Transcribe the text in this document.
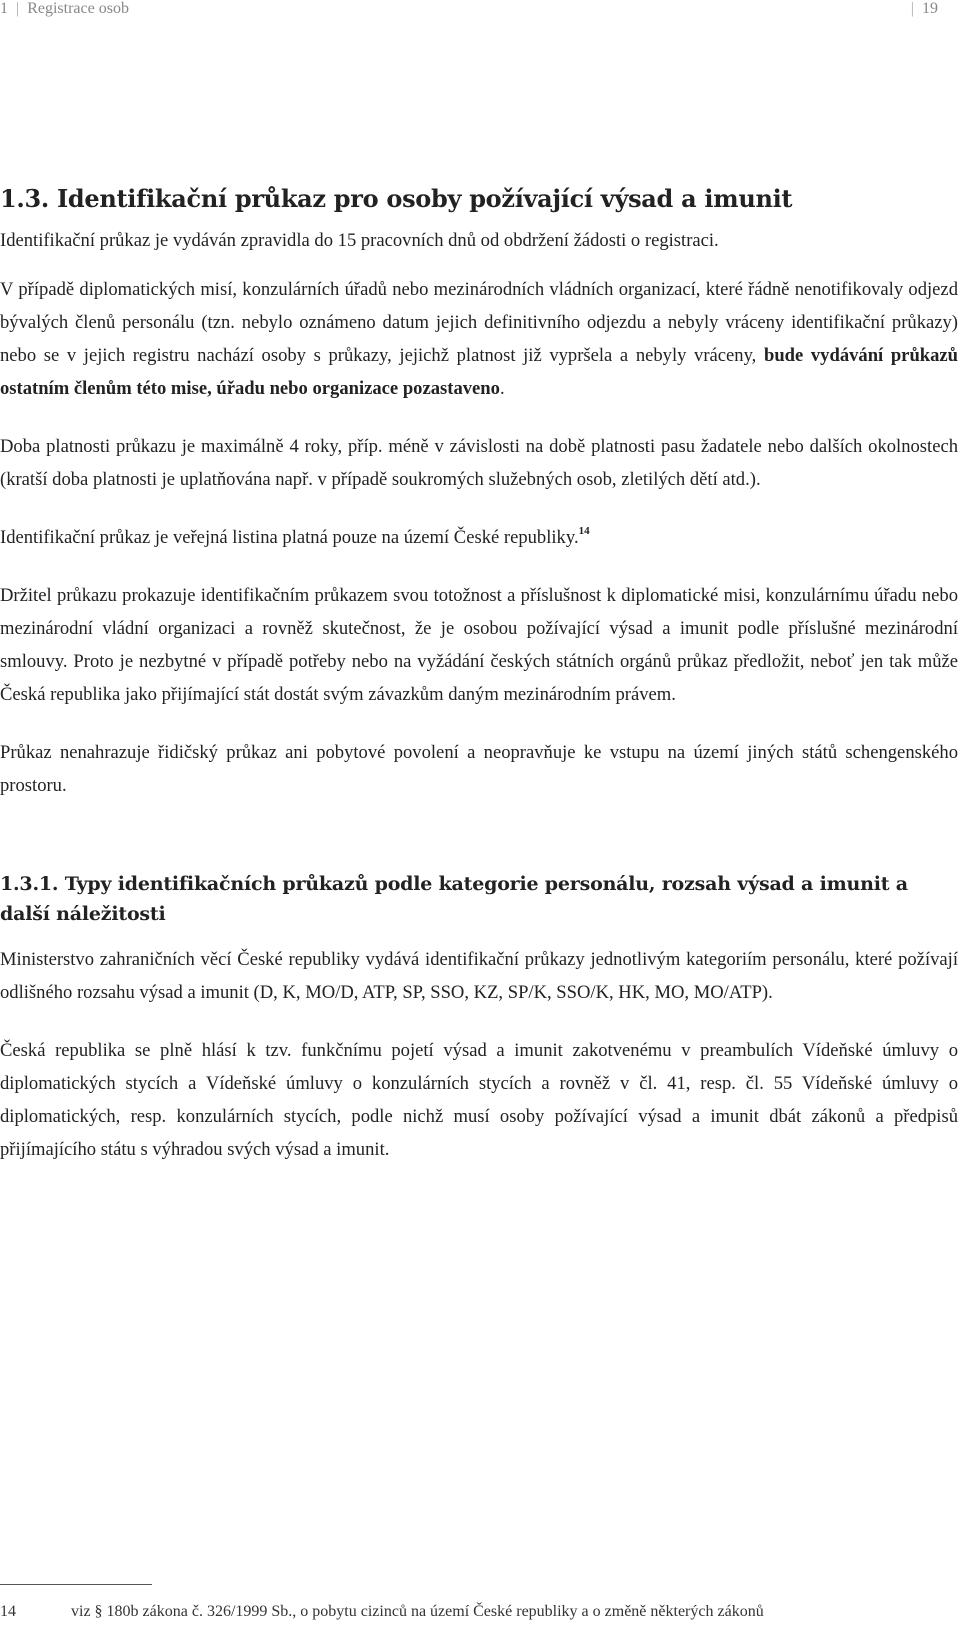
1 | Registrace osob	| 19
1.3. Identifikační průkaz pro osoby požívající výsad a imunit

Identifikační průkaz je vydáván zpravidla do 15 pracovních dnů od obdržení žádosti o registraci.

V případě diplomatických misí, konzulárních úřadů nebo mezinárodních vládních organizací, které řádně nenotifikovaly odjezd bývalých členů personálu (tzn. nebylo oznámeno datum jejich definitivního odjezdu a nebyly vráceny identifikační průkazy) nebo se v jejich registru nachází osoby s průkazy, jejichž platnost již vypršela a nebyly vráceny, bude vydávání průkazů ostatním členům této mise, úřadu nebo organizace pozastaveno.

Doba platnosti průkazu je maximálně 4 roky, příp. méně v závislosti na době platnosti pasu žadatele nebo dalších okolnostech (kratší doba platnosti je uplatňována např. v případě soukromých služebných osob, zletilých dětí atd.).

Identifikační průkaz je veřejná listina platná pouze na území České republiky.$^{14}$

Držitel průkazu prokazuje identifikačním průkazem svou totožnost a příslušnost k diplomatické misi, konzulárnímu úřadu nebo mezinárodní vládní organizaci a rovněž skutečnost, že je osobou požívající výsad a imunit podle příslušné mezinárodní smlouvy. Proto je nezbytné v případě potřeby nebo na vyžádání českých státních orgánů průkaz předložit, neboť jen tak může Česká republika jako přijímající stát dostát svým závazkům daným mezinárodním právem.

Průkaz nenahrazuje řidičský průkaz ani pobytové povolení a neopravňuje ke vstupu na území jiných států schengenského prostoru.

1.3.1. Typy identifikačních průkazů podle kategorie personálu, rozsah výsad a imunit a další náležitosti

Ministerstvo zahraničních věcí České republiky vydává identifikační průkazy jednotlivým kategoriím personálu, které požívají odlišného rozsahu výsad a imunit (D, K, MO/D, ATP, SP, SSO, KZ, SP/K, SSO/K, HK, MO, MO/ATP).

Česká republika se plně hlásí k tzv. funkčnímu pojetí výsad a imunit zakotvenému v preambulích Vídeňské úmluvy o diplomatických stycích a Vídeňské úmluvy o konzulárních stycích a rovněž v čl. 41, resp. čl. 55 Vídeňské úmluvy o diplomatických, resp. konzulárních stycích, podle nichž musí osoby požívající výsad a imunit dbát zákonů a předpisů přijímajícího státu s výhradou svých výsad a imunit.

14	viz § 180b zákona č. 326/1999 Sb., o pobytu cizinců na území České republiky a o změně některých zákonů
